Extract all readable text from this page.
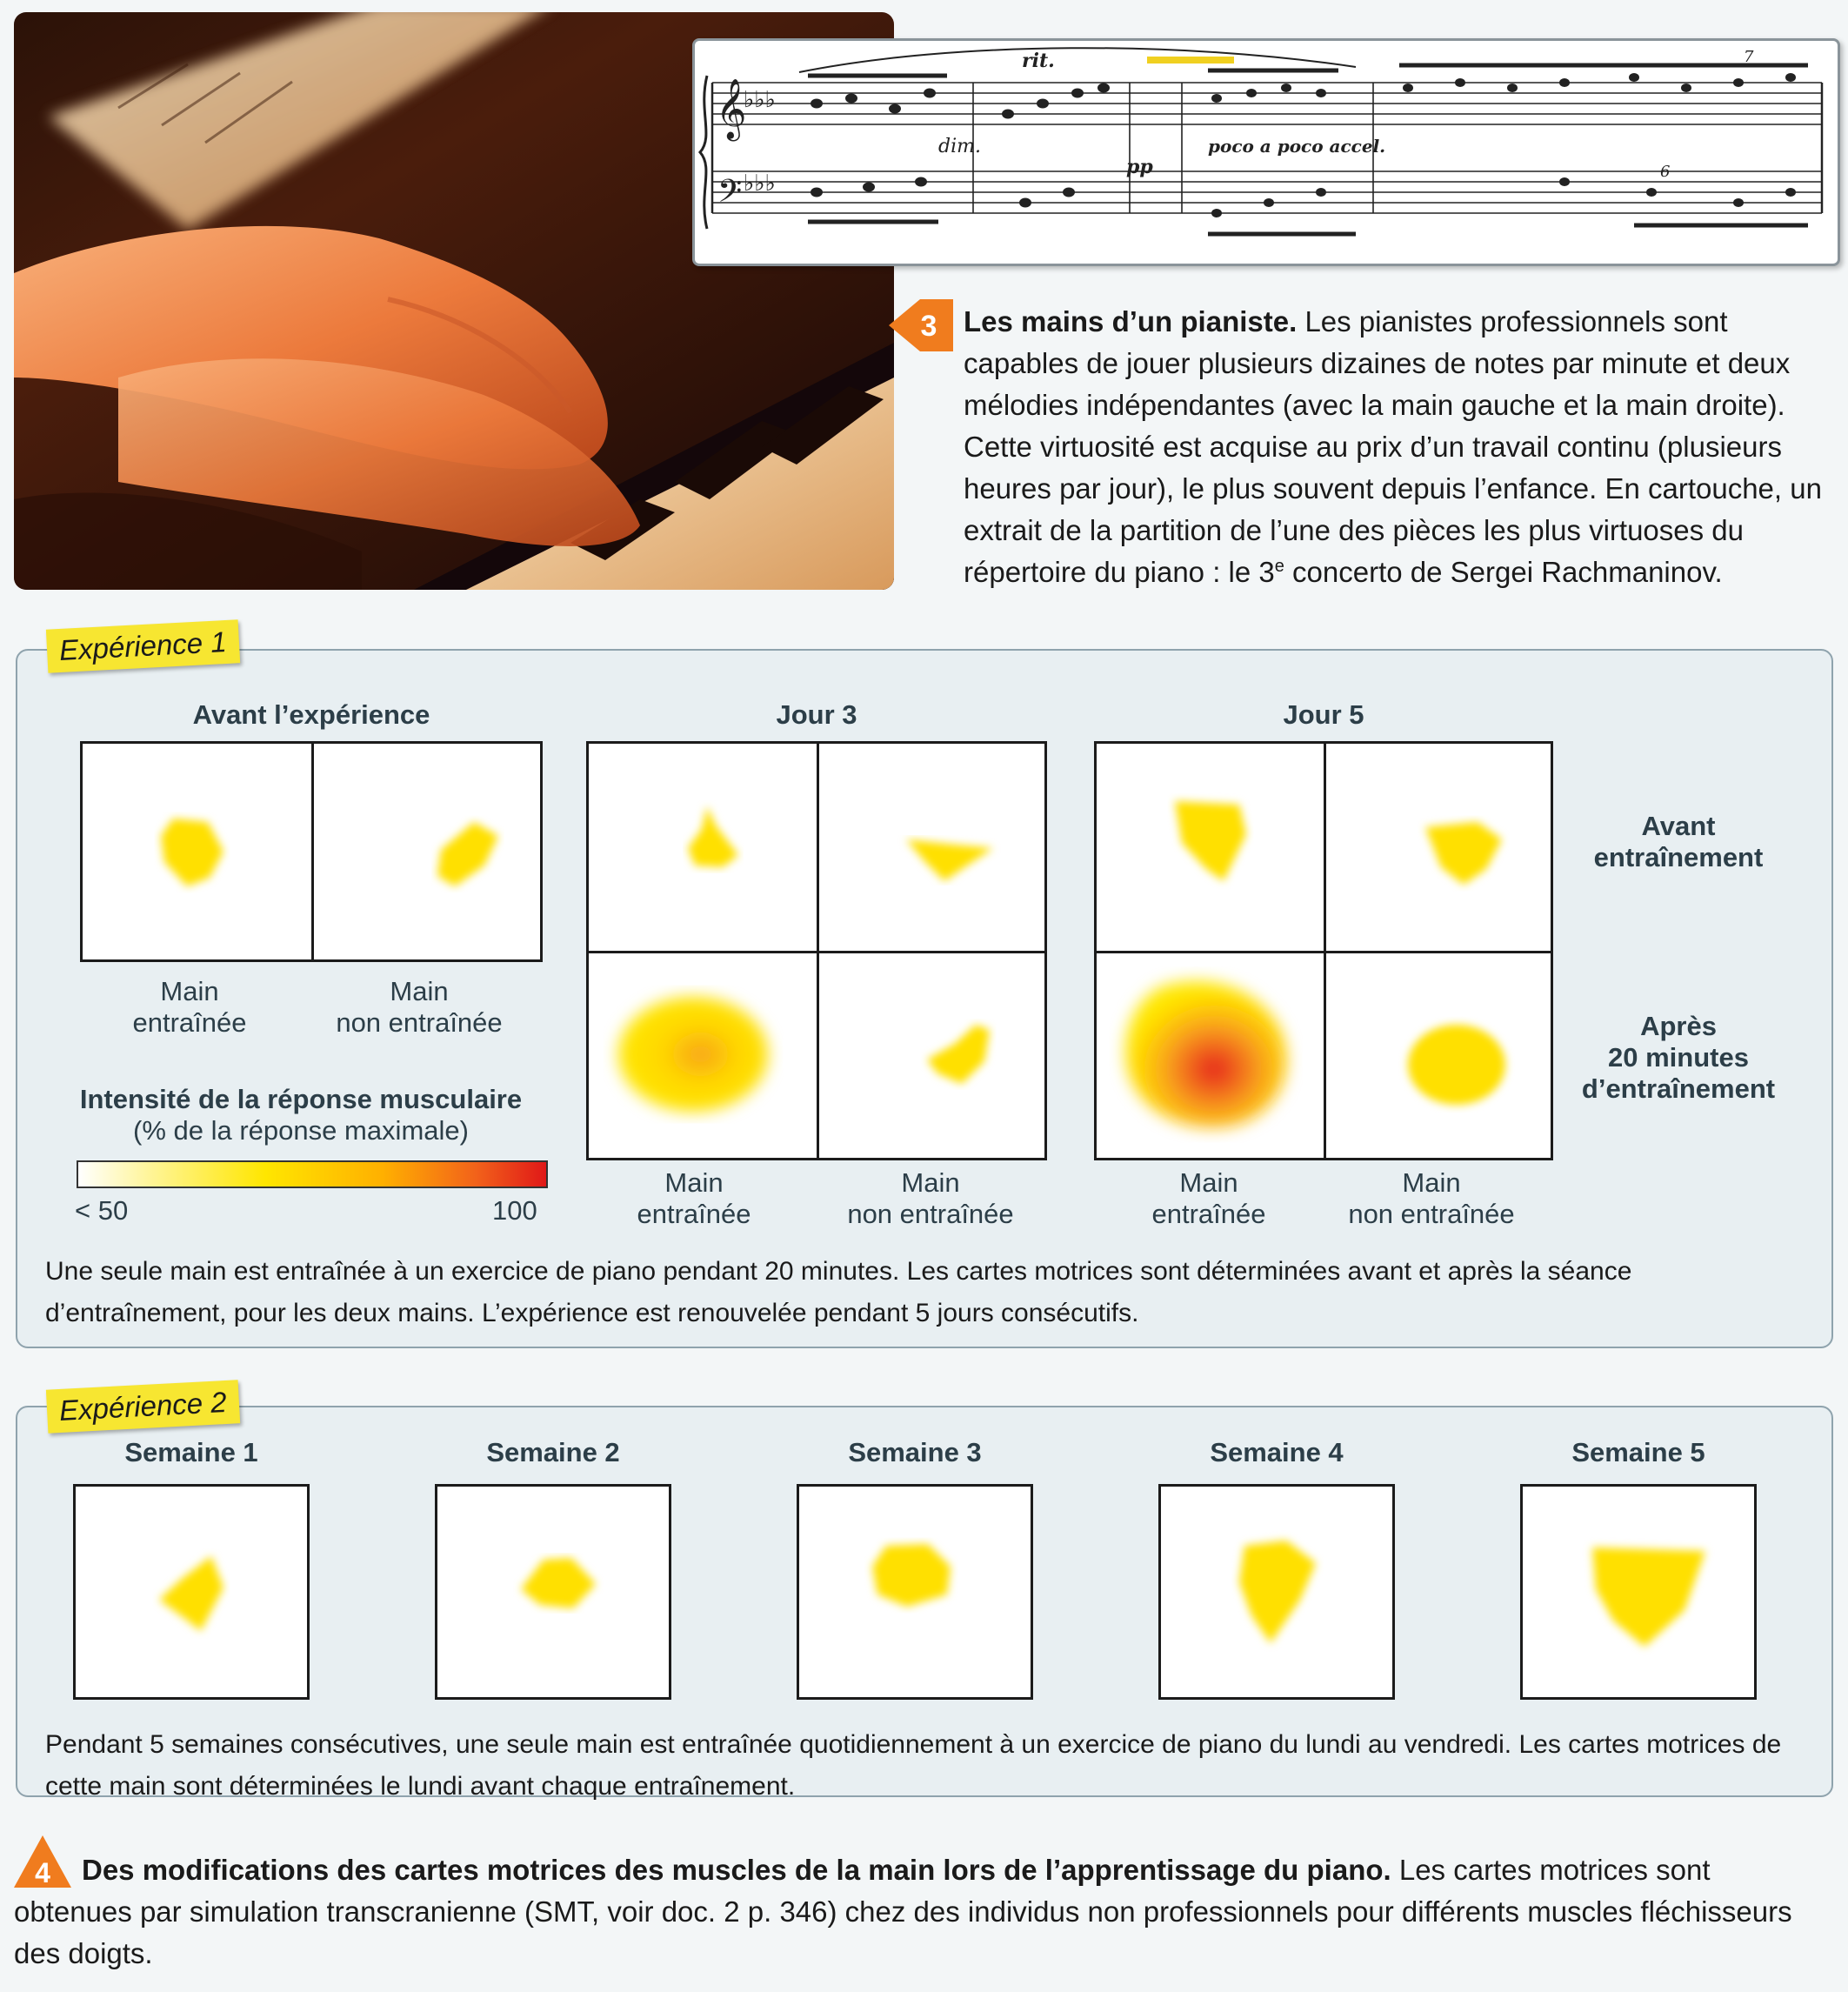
𝄞
𝄢
♭♭♭
♭♭♭
rit.
dim.	poco a poco accel.
pp
7
6
3 Les mains d’un pianiste. Les pianistes professionnels sont capables de jouer plusieurs dizaines de notes par minute et deux mélodies indépendantes (avec la main gauche et la main droite). Cette virtuosité est acquise au prix d’un travail continu (plusieurs heures par jour), le plus souvent depuis l’enfance. En cartouche, un extrait de la partition de l’une des pièces les plus virtuoses du répertoire du piano : le 3e concerto de Sergei Rachmaninov.
Expérience 1
Avant l’expérience	Jour 3	Jour 5
Main
entraînée
Main
non entraînée
Main
entraînée
Main
non entraînée
Main
entraînée
Main
non entraînée
Avant
entraînement
Après
20 minutes
d’entraînement
Intensité de la réponse musculaire
(% de la réponse maximale)
< 50	100
Une seule main est entraînée à un exercice de piano pendant 20 minutes. Les cartes motrices sont déterminées avant et après la séance d’entraînement, pour les deux mains. L’expérience est renouvelée pendant 5 jours consécutifs.
Expérience 2
Semaine 1	Semaine 2	Semaine 3	Semaine 4	Semaine 5
Pendant 5 semaines consécutives, une seule main est entraînée quotidiennement à un exercice de piano du lundi au vendredi. Les cartes motrices de cette main sont déterminées le lundi avant chaque entraînement.
4	Des modifications des cartes motrices des muscles de la main lors de l’apprentissage du piano. Les cartes motrices sont obtenues par simulation transcranienne (SMT, voir doc. 2 p. 346) chez des individus non professionnels pour différents muscles fléchisseurs des doigts.
